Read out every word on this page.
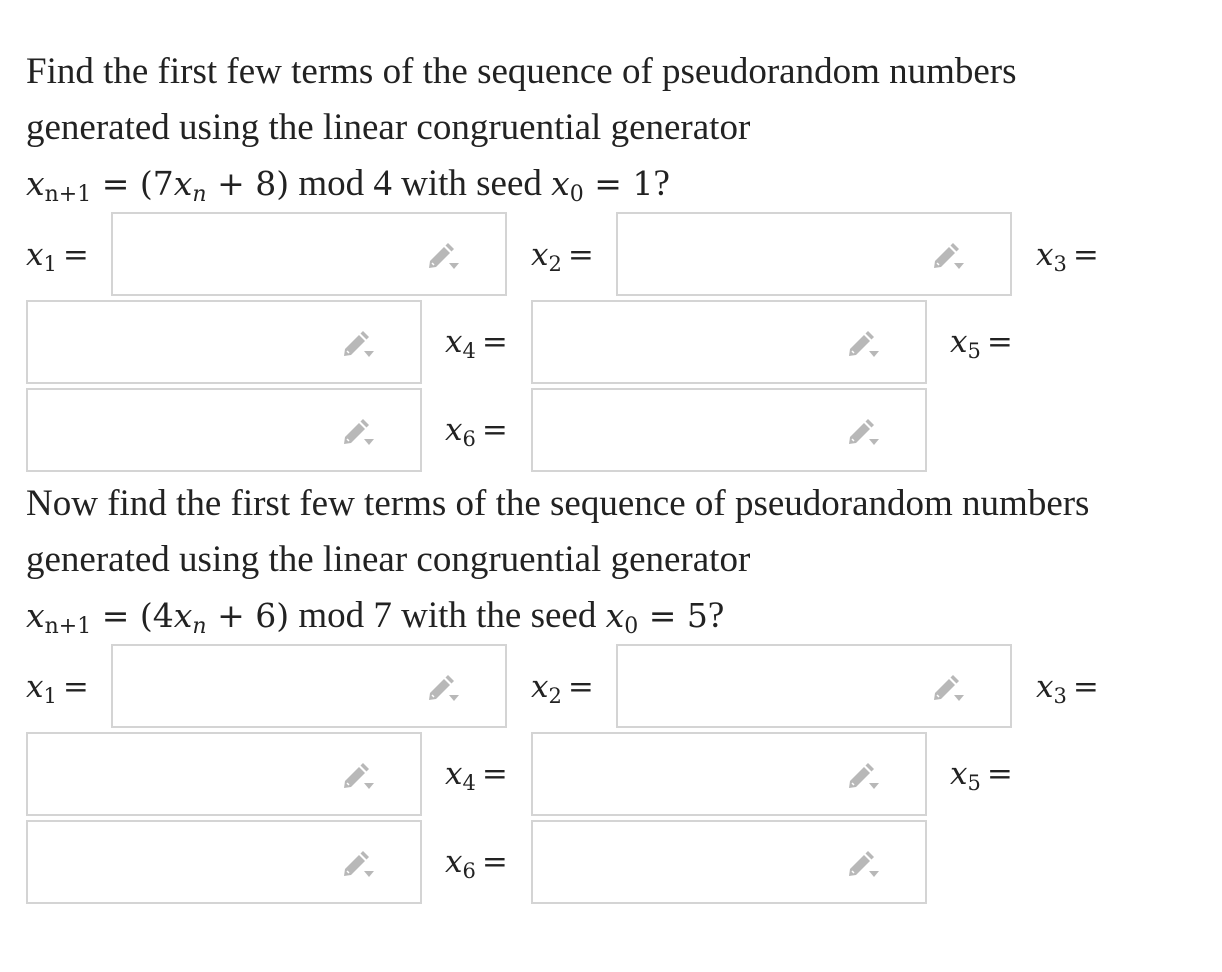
Find the first few terms of the sequence of pseudorandom numbers
generated using the linear congruential generator
$x_{n+1} = (7x_n + 8)$ mod 4 with seed $x_0 = 1$?
$x_1$ =	$x_2$ =	$x_3$ =
$x_4$ =	$x_5$ =
$x_6$ =
Now find the first few terms of the sequence of pseudorandom numbers
generated using the linear congruential generator
$x_{n+1} = (4x_n + 6)$ mod 7 with the seed $x_0 = 5$?
$x_1$ =	$x_2$ =	$x_3$ =
$x_4$ =	$x_5$ =
$x_6$ =
